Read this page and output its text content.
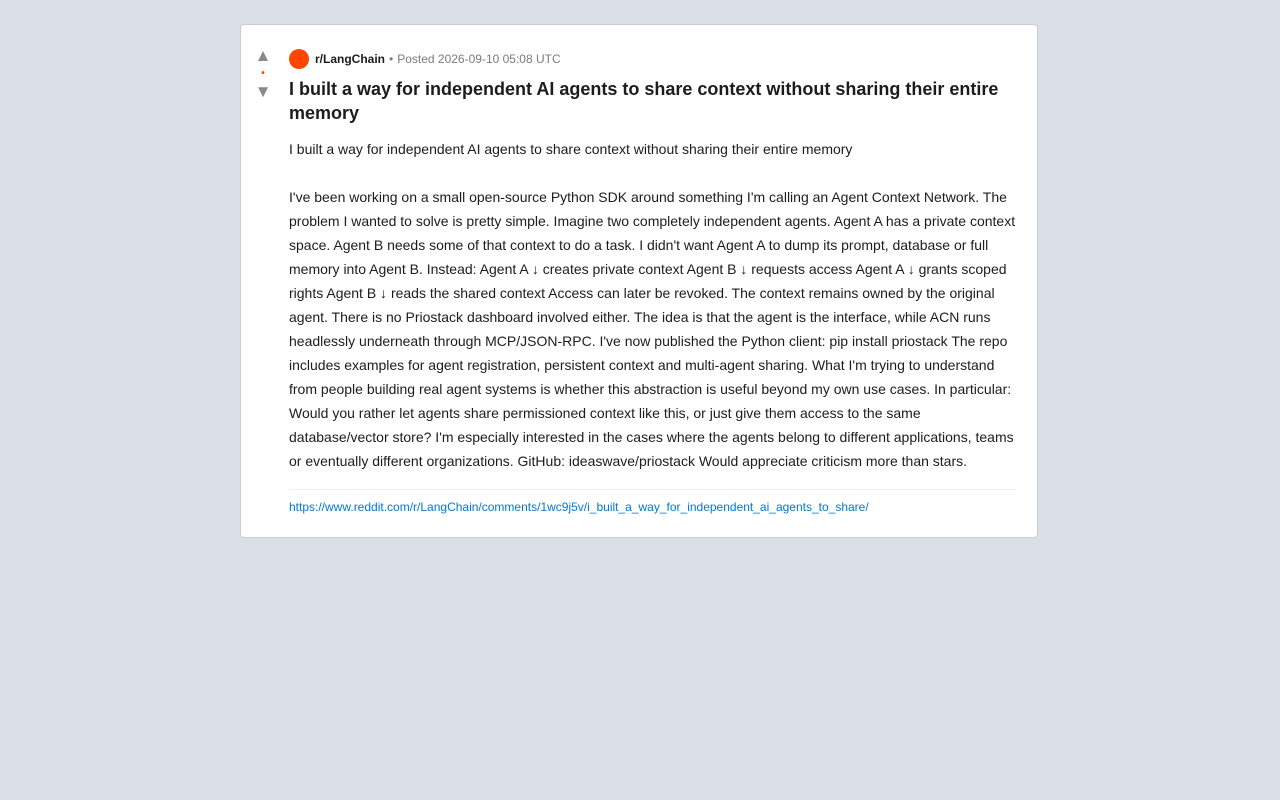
▲
•
▼
r/LangChain • Posted 2026-09-10 05:08 UTC
I built a way for independent AI agents to share context without sharing their entire memory

I built a way for independent AI agents to share context without sharing their entire memory

I've been working on a small open-source Python SDK around something I'm calling an Agent Context Network. The problem I wanted to solve is pretty simple. Imagine two completely independent agents. Agent A has a private context space. Agent B needs some of that context to do a task. I didn't want Agent A to dump its prompt, database or full memory into Agent B. Instead: Agent A ↓ creates private context Agent B ↓ requests access Agent A ↓ grants scoped rights Agent B ↓ reads the shared context Access can later be revoked. The context remains owned by the original agent. There is no Priostack dashboard involved either. The idea is that the agent is the interface, while ACN runs headlessly underneath through MCP/JSON-RPC. I've now published the Python client: pip install priostack The repo includes examples for agent registration, persistent context and multi-agent sharing. What I'm trying to understand from people building real agent systems is whether this abstraction is useful beyond my own use cases. In particular: Would you rather let agents share permissioned context like this, or just give them access to the same database/vector store? I'm especially interested in the cases where the agents belong to different applications, teams or eventually different organizations. GitHub: ideaswave/priostack Would appreciate criticism more than stars.

https://www.reddit.com/r/LangChain/comments/1wc9j5v/i_built_a_way_for_independent_ai_agents_to_share/
